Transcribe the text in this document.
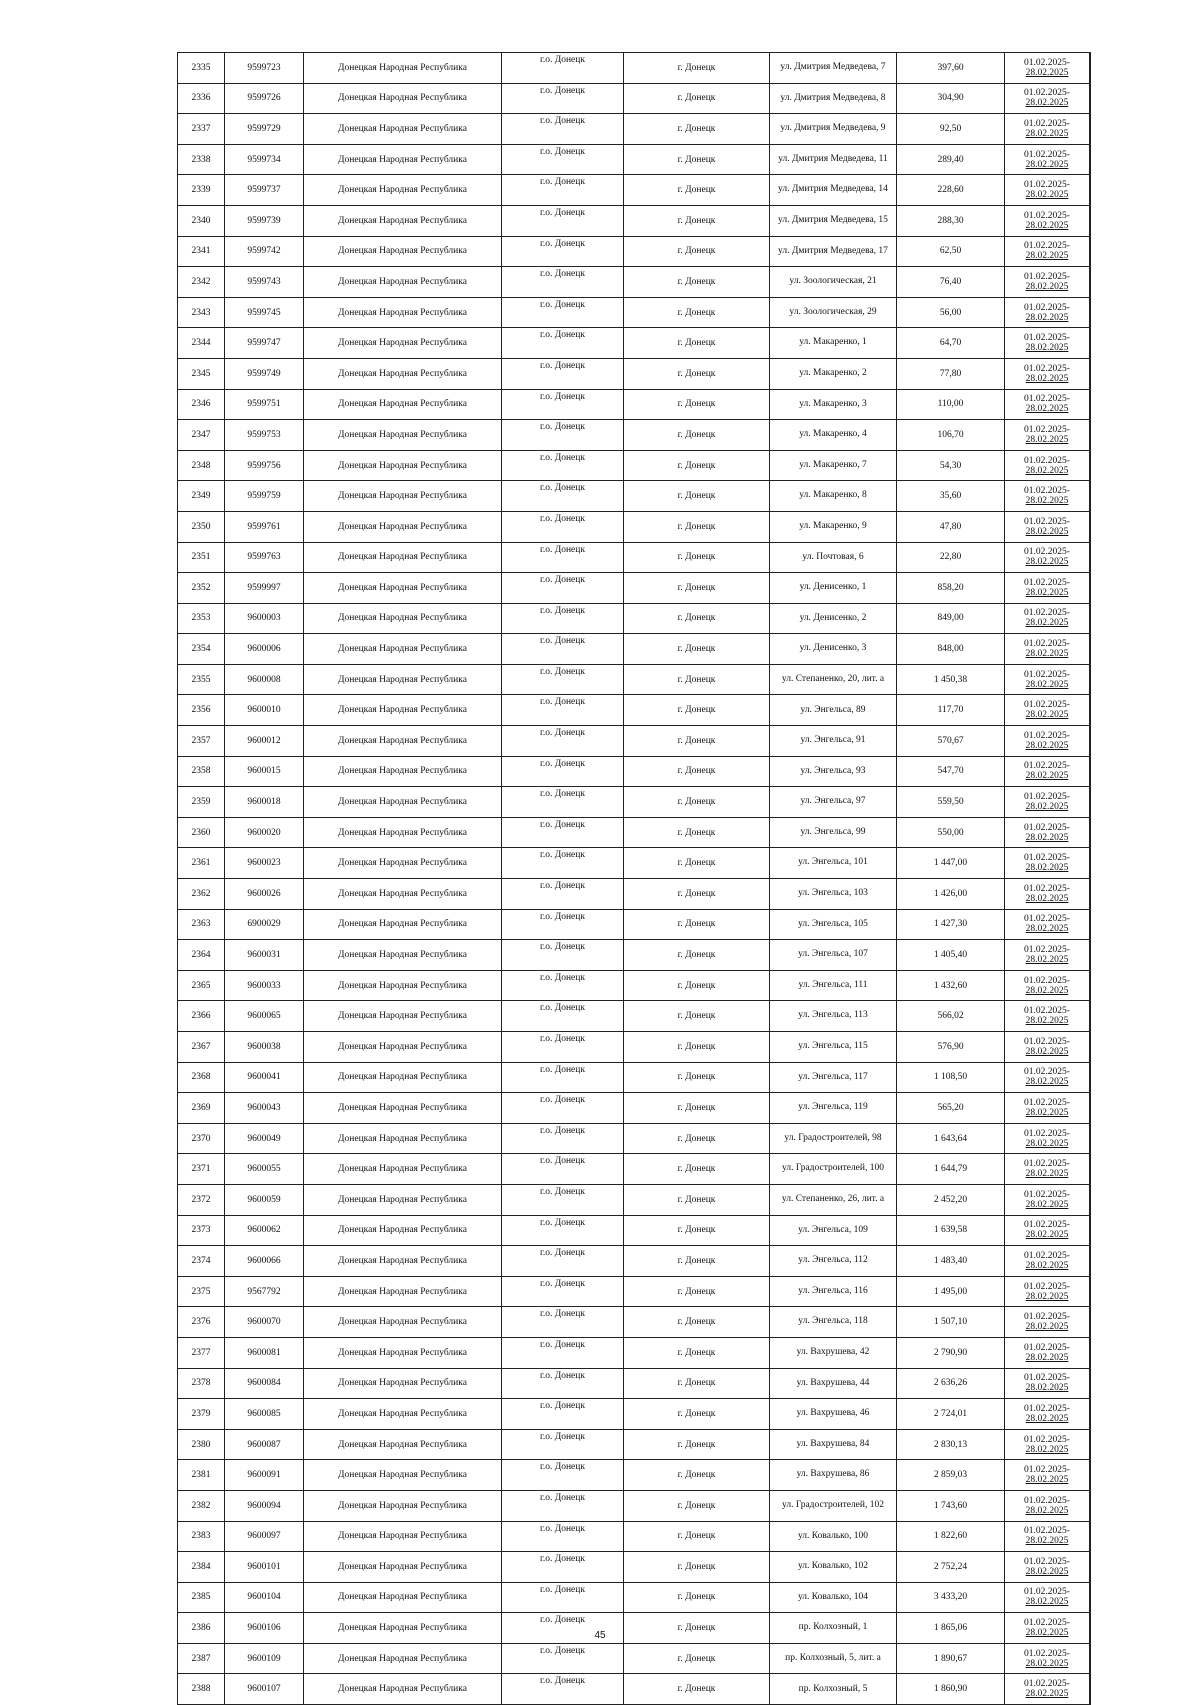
2335	9599723	Донецкая Народная Республика	г.о. Донецк	г. Донецк	ул. Дмитрия Медведева, 7	397,60	01.02.2025-
28.02.2025

2336	9599726	Донецкая Народная Республика	г.о. Донецк	г. Донецк	ул. Дмитрия Медведева, 8	304,90	01.02.2025-
28.02.2025

2337	9599729	Донецкая Народная Республика	г.о. Донецк	г. Донецк	ул. Дмитрия Медведева, 9	92,50	01.02.2025-
28.02.2025

2338	9599734	Донецкая Народная Республика	г.о. Донецк	г. Донецк	ул. Дмитрия Медведева, 11	289,40	01.02.2025-
28.02.2025

2339	9599737	Донецкая Народная Республика	г.о. Донецк	г. Донецк	ул. Дмитрия Медведева, 14	228,60	01.02.2025-
28.02.2025

2340	9599739	Донецкая Народная Республика	г.о. Донецк	г. Донецк	ул. Дмитрия Медведева, 15	288,30	01.02.2025-
28.02.2025

2341	9599742	Донецкая Народная Республика	г.о. Донецк	г. Донецк	ул. Дмитрия Медведева, 17	62,50	01.02.2025-
28.02.2025

2342	9599743	Донецкая Народная Республика	г.о. Донецк	г. Донецк	ул. Зоологическая, 21	76,40	01.02.2025-
28.02.2025

2343	9599745	Донецкая Народная Республика	г.о. Донецк	г. Донецк	ул. Зоологическая, 29	56,00	01.02.2025-
28.02.2025

2344	9599747	Донецкая Народная Республика	г.о. Донецк	г. Донецк	ул. Макаренко, 1	64,70	01.02.2025-
28.02.2025

2345	9599749	Донецкая Народная Республика	г.о. Донецк	г. Донецк	ул. Макаренко, 2	77,80	01.02.2025-
28.02.2025

2346	9599751	Донецкая Народная Республика	г.о. Донецк	г. Донецк	ул. Макаренко, 3	110,00	01.02.2025-
28.02.2025

2347	9599753	Донецкая Народная Республика	г.о. Донецк	г. Донецк	ул. Макаренко, 4	106,70	01.02.2025-
28.02.2025

2348	9599756	Донецкая Народная Республика	г.о. Донецк	г. Донецк	ул. Макаренко, 7	54,30	01.02.2025-
28.02.2025

2349	9599759	Донецкая Народная Республика	г.о. Донецк	г. Донецк	ул. Макаренко, 8	35,60	01.02.2025-
28.02.2025

2350	9599761	Донецкая Народная Республика	г.о. Донецк	г. Донецк	ул. Макаренко, 9	47,80	01.02.2025-
28.02.2025

2351	9599763	Донецкая Народная Республика	г.о. Донецк	г. Донецк	ул. Почтовая, 6	22,80	01.02.2025-
28.02.2025

2352	9599997	Донецкая Народная Республика	г.о. Донецк	г. Донецк	ул. Денисенко, 1	858,20	01.02.2025-
28.02.2025

2353	9600003	Донецкая Народная Республика	г.о. Донецк	г. Донецк	ул. Денисенко, 2	849,00	01.02.2025-
28.02.2025

2354	9600006	Донецкая Народная Республика	г.о. Донецк	г. Донецк	ул. Денисенко, 3	848,00	01.02.2025-
28.02.2025

2355	9600008	Донецкая Народная Республика	г.о. Донецк	г. Донецк	ул. Степаненко, 20, лит. а	1 450,38	01.02.2025-
28.02.2025

2356	9600010	Донецкая Народная Республика	г.о. Донецк	г. Донецк	ул. Энгельса, 89	117,70	01.02.2025-
28.02.2025

2357	9600012	Донецкая Народная Республика	г.о. Донецк	г. Донецк	ул. Энгельса, 91	570,67	01.02.2025-
28.02.2025

2358	9600015	Донецкая Народная Республика	г.о. Донецк	г. Донецк	ул. Энгельса, 93	547,70	01.02.2025-
28.02.2025

2359	9600018	Донецкая Народная Республика	г.о. Донецк	г. Донецк	ул. Энгельса, 97	559,50	01.02.2025-
28.02.2025

2360	9600020	Донецкая Народная Республика	г.о. Донецк	г. Донецк	ул. Энгельса, 99	550,00	01.02.2025-
28.02.2025

2361	9600023	Донецкая Народная Республика	г.о. Донецк	г. Донецк	ул. Энгельса, 101	1 447,00	01.02.2025-
28.02.2025

2362	9600026	Донецкая Народная Республика	г.о. Донецк	г. Донецк	ул. Энгельса, 103	1 426,00	01.02.2025-
28.02.2025

2363	6900029	Донецкая Народная Республика	г.о. Донецк	г. Донецк	ул. Энгельса, 105	1 427,30	01.02.2025-
28.02.2025

2364	9600031	Донецкая Народная Республика	г.о. Донецк	г. Донецк	ул. Энгельса, 107	1 405,40	01.02.2025-
28.02.2025

2365	9600033	Донецкая Народная Республика	г.о. Донецк	г. Донецк	ул. Энгельса, 111	1 432,60	01.02.2025-
28.02.2025

2366	9600065	Донецкая Народная Республика	г.о. Донецк	г. Донецк	ул. Энгельса, 113	566,02	01.02.2025-
28.02.2025

2367	9600038	Донецкая Народная Республика	г.о. Донецк	г. Донецк	ул. Энгельса, 115	576,90	01.02.2025-
28.02.2025

2368	9600041	Донецкая Народная Республика	г.о. Донецк	г. Донецк	ул. Энгельса, 117	1 108,50	01.02.2025-
28.02.2025

2369	9600043	Донецкая Народная Республика	г.о. Донецк	г. Донецк	ул. Энгельса, 119	565,20	01.02.2025-
28.02.2025

2370	9600049	Донецкая Народная Республика	г.о. Донецк	г. Донецк	ул. Градостроителей, 98	1 643,64	01.02.2025-
28.02.2025

2371	9600055	Донецкая Народная Республика	г.о. Донецк	г. Донецк	ул. Градостроителей, 100	1 644,79	01.02.2025-
28.02.2025

2372	9600059	Донецкая Народная Республика	г.о. Донецк	г. Донецк	ул. Степаненко, 26, лит. а	2 452,20	01.02.2025-
28.02.2025

2373	9600062	Донецкая Народная Республика	г.о. Донецк	г. Донецк	ул. Энгельса, 109	1 639,58	01.02.2025-
28.02.2025

2374	9600066	Донецкая Народная Республика	г.о. Донецк	г. Донецк	ул. Энгельса, 112	1 483,40	01.02.2025-
28.02.2025

2375	9567792	Донецкая Народная Республика	г.о. Донецк	г. Донецк	ул. Энгельса, 116	1 495,00	01.02.2025-
28.02.2025

2376	9600070	Донецкая Народная Республика	г.о. Донецк	г. Донецк	ул. Энгельса, 118	1 507,10	01.02.2025-
28.02.2025

2377	9600081	Донецкая Народная Республика	г.о. Донецк	г. Донецк	ул. Вахрушева, 42	2 790,90	01.02.2025-
28.02.2025

2378	9600084	Донецкая Народная Республика	г.о. Донецк	г. Донецк	ул. Вахрушева, 44	2 636,26	01.02.2025-
28.02.2025

2379	9600085	Донецкая Народная Республика	г.о. Донецк	г. Донецк	ул. Вахрушева, 46	2 724,01	01.02.2025-
28.02.2025

2380	9600087	Донецкая Народная Республика	г.о. Донецк	г. Донецк	ул. Вахрушева, 84	2 830,13	01.02.2025-
28.02.2025

2381	9600091	Донецкая Народная Республика	г.о. Донецк	г. Донецк	ул. Вахрушева, 86	2 859,03	01.02.2025-
28.02.2025

2382	9600094	Донецкая Народная Республика	г.о. Донецк	г. Донецк	ул. Градостроителей, 102	1 743,60	01.02.2025-
28.02.2025

2383	9600097	Донецкая Народная Республика	г.о. Донецк	г. Донецк	ул. Ковалько, 100	1 822,60	01.02.2025-
28.02.2025

2384	9600101	Донецкая Народная Республика	г.о. Донецк	г. Донецк	ул. Ковалько, 102	2 752,24	01.02.2025-
28.02.2025

2385	9600104	Донецкая Народная Республика	г.о. Донецк	г. Донецк	ул. Ковалько, 104	3 433,20	01.02.2025-
28.02.2025

2386	9600106	Донецкая Народная Республика	г.о. Донецк	г. Донецк	пр. Колхозный, 1	1 865,06	01.02.2025-
28.02.2025

2387	9600109	Донецкая Народная Республика	г.о. Донецк	г. Донецк	пр. Колхозный, 5, лит. а	1 890,67	01.02.2025-
28.02.2025

2388	9600107	Донецкая Народная Республика	г.о. Донецк	г. Донецк	пр. Колхозный, 5	1 860,90	01.02.2025-
28.02.2025

45
